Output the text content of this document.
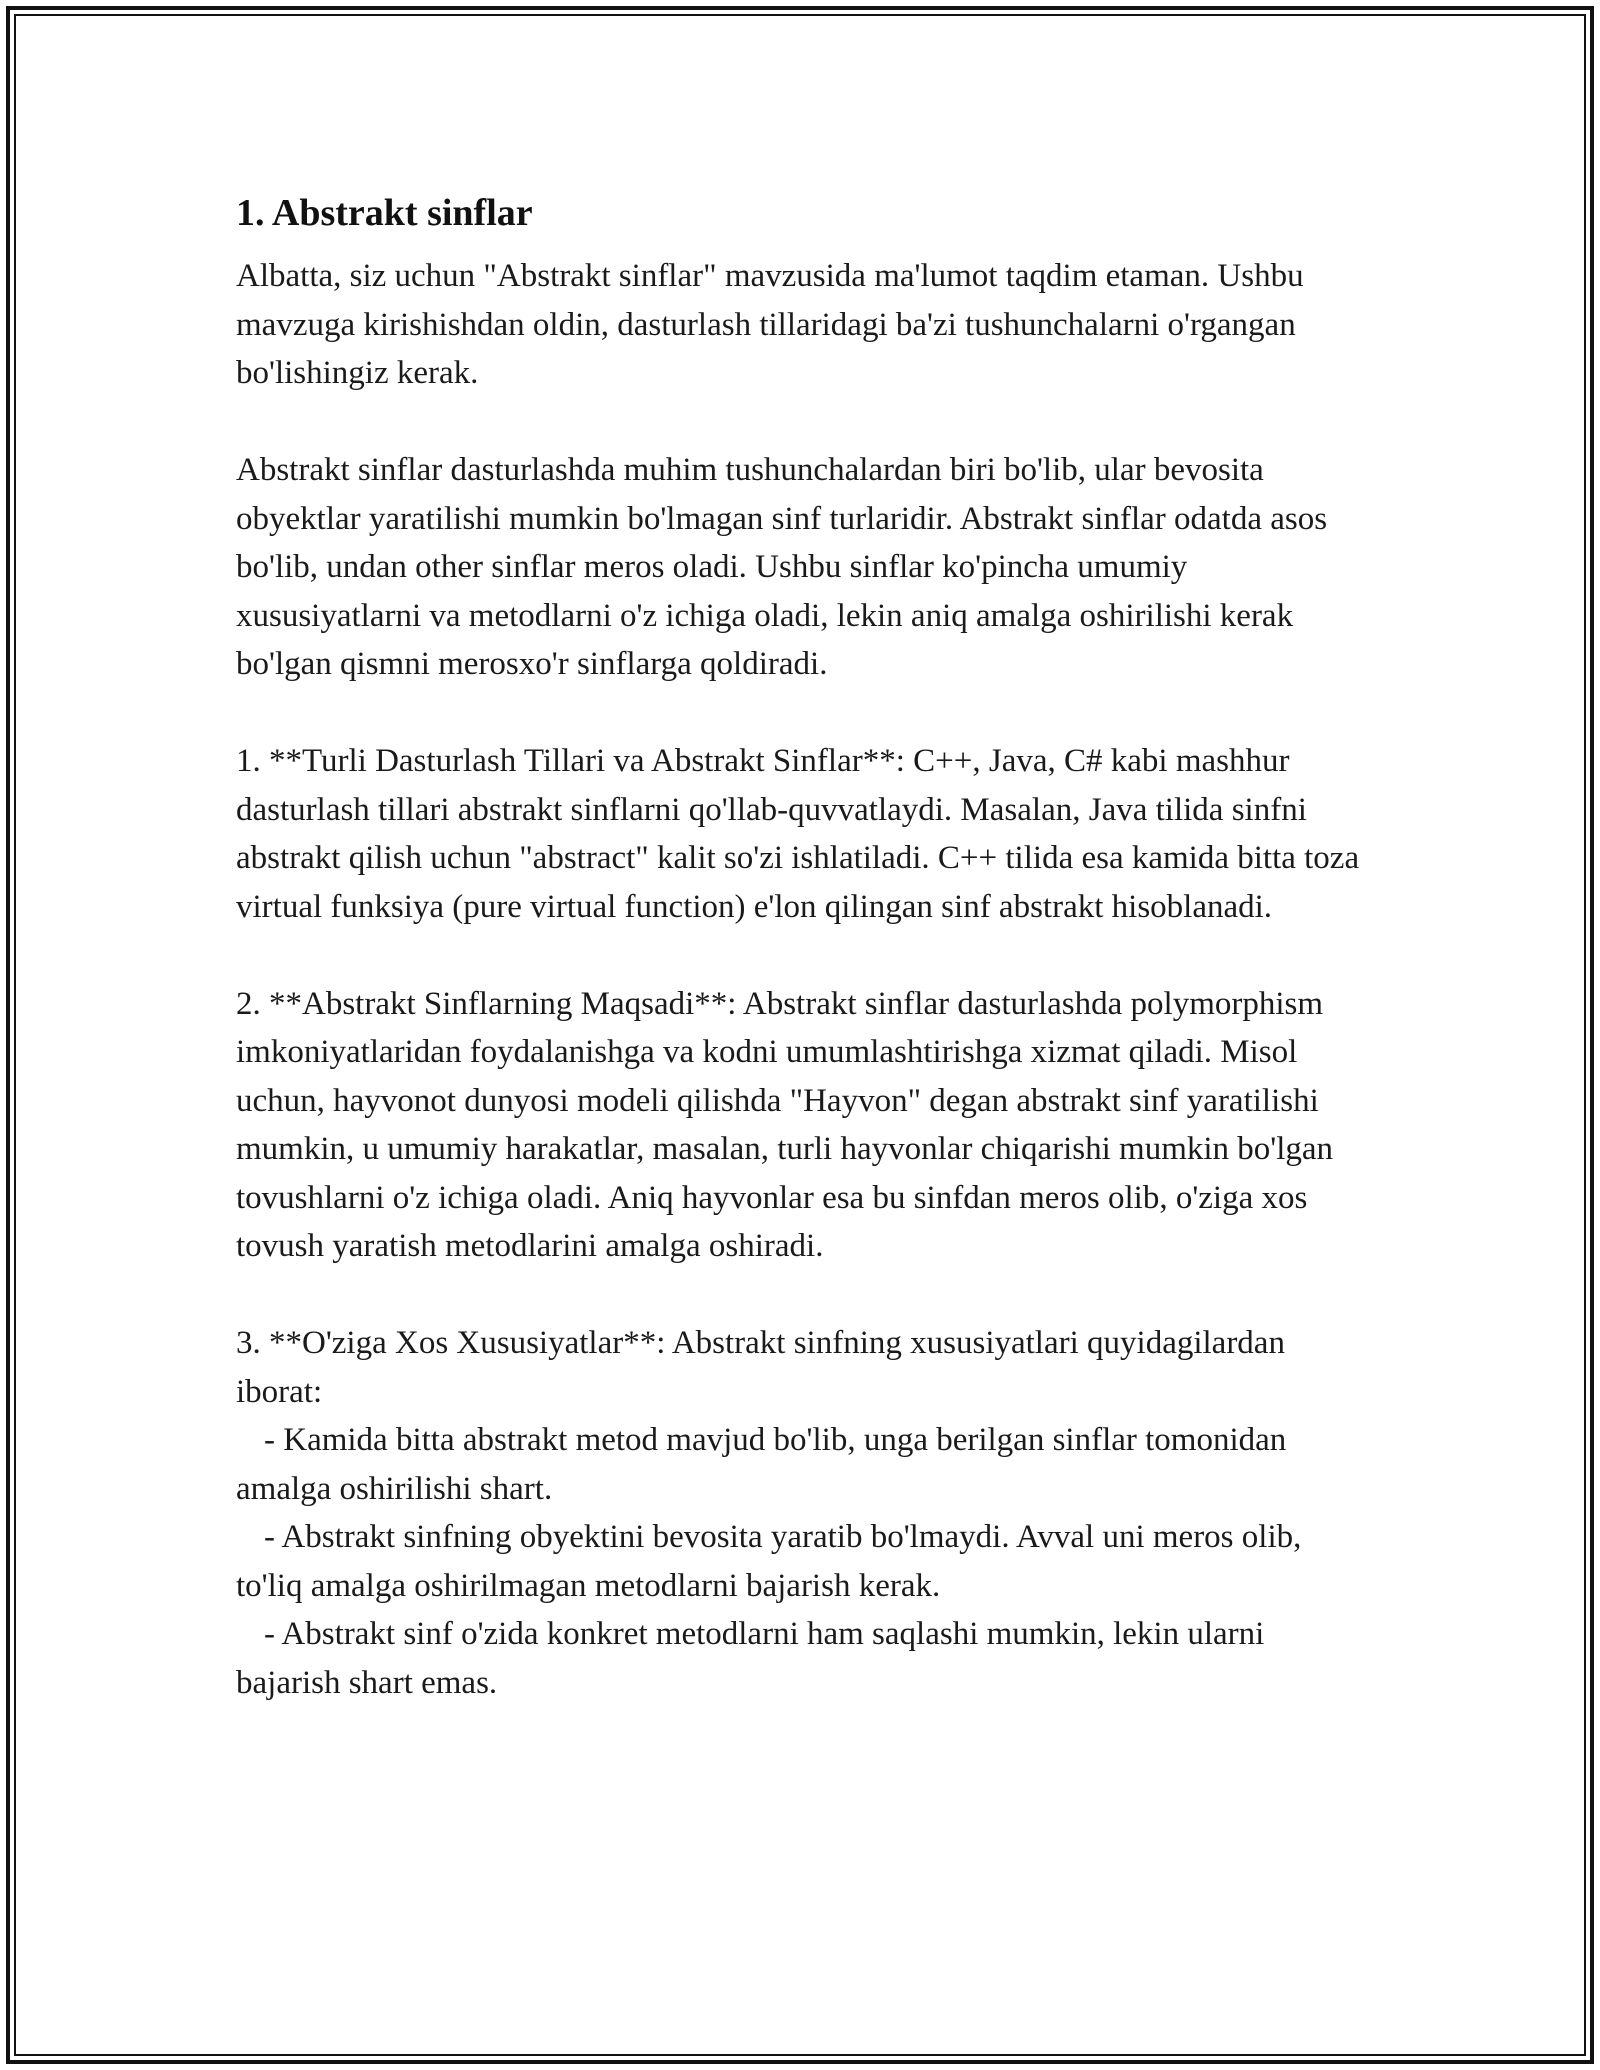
1. Abstrakt sinflar

Albatta, siz uchun "Abstrakt sinflar" mavzusida ma'lumot taqdim etaman. Ushbu mavzuga kirishishdan oldin, dasturlash tillaridagi ba'zi tushunchalarni o'rgangan bo'lishingiz kerak.

Abstrakt sinflar dasturlashda muhim tushunchalardan biri bo'lib, ular bevosita obyektlar yaratilishi mumkin bo'lmagan sinf turlaridir. Abstrakt sinflar odatda asos bo'lib, undan other sinflar meros oladi. Ushbu sinflar ko'pincha umumiy xususiyatlarni va metodlarni o'z ichiga oladi, lekin aniq amalga oshirilishi kerak bo'lgan qismni merosxo'r sinflarga qoldiradi.

1. **Turli Dasturlash Tillari va Abstrakt Sinflar**: C++, Java, C# kabi mashhur dasturlash tillari abstrakt sinflarni qo'llab-quvvatlaydi. Masalan, Java tilida sinfni abstrakt qilish uchun "abstract" kalit so'zi ishlatiladi. C++ tilida esa kamida bitta toza virtual funksiya (pure virtual function) e'lon qilingan sinf abstrakt hisoblanadi.

2. **Abstrakt Sinflarning Maqsadi**: Abstrakt sinflar dasturlashda polymorphism imkoniyatlaridan foydalanishga va kodni umumlashtirishga xizmat qiladi. Misol uchun, hayvonot dunyosi modeli qilishda "Hayvon" degan abstrakt sinf yaratilishi mumkin, u umumiy harakatlar, masalan, turli hayvonlar chiqarishi mumkin bo'lgan tovushlarni o'z ichiga oladi. Aniq hayvonlar esa bu sinfdan meros olib, o'ziga xos tovush yaratish metodlarini amalga oshiradi.

3. **O'ziga Xos Xususiyatlar**: Abstrakt sinfning xususiyatlari quyidagilardan iborat:
- Kamida bitta abstrakt metod mavjud bo'lib, unga berilgan sinflar tomonidan amalga oshirilishi shart.
- Abstrakt sinfning obyektini bevosita yaratib bo'lmaydi. Avval uni meros olib, to'liq amalga oshirilmagan metodlarni bajarish kerak.
- Abstrakt sinf o'zida konkret metodlarni ham saqlashi mumkin, lekin ularni bajarish shart emas.
